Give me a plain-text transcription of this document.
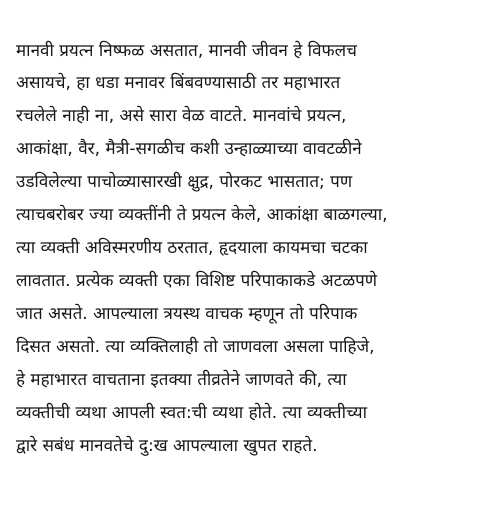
मानवी प्रयत्न निष्फळ असतात, मानवी जीवन हे विफलच
असायचे, हा धडा मनावर बिंबवण्यासाठी तर महाभारत
रचलेले नाही ना, असे सारा वेळ वाटते. मानवांचे प्रयत्न,
आकांक्षा, वैर, मैत्री-सगळीच कशी उन्हाळ्याच्या वावटळीने
उडविलेल्या पाचोळ्यासारखी क्षुद्र, पोरकट भासतात; पण
त्याचबरोबर ज्या व्यक्तींनी ते प्रयत्न केले, आकांक्षा बाळगल्या,
त्या व्यक्ती अविस्मरणीय ठरतात, हृदयाला कायमचा चटका
लावतात. प्रत्येक व्यक्ती एका विशिष्ट परिपाकाकडे अटळपणे
जात असते. आपल्याला त्रयस्थ वाचक म्हणून तो परिपाक
दिसत असतो. त्या व्यक्तिलाही तो जाणवला असला पाहिजे,
हे महाभारत वाचताना इतक्या तीव्रतेने जाणवते की, त्या
व्यक्तीची व्यथा आपली स्वत:ची व्यथा होते. त्या व्यक्तीच्या
द्वारे सबंध मानवतेचे दु:ख आपल्याला खुपत राहते.
